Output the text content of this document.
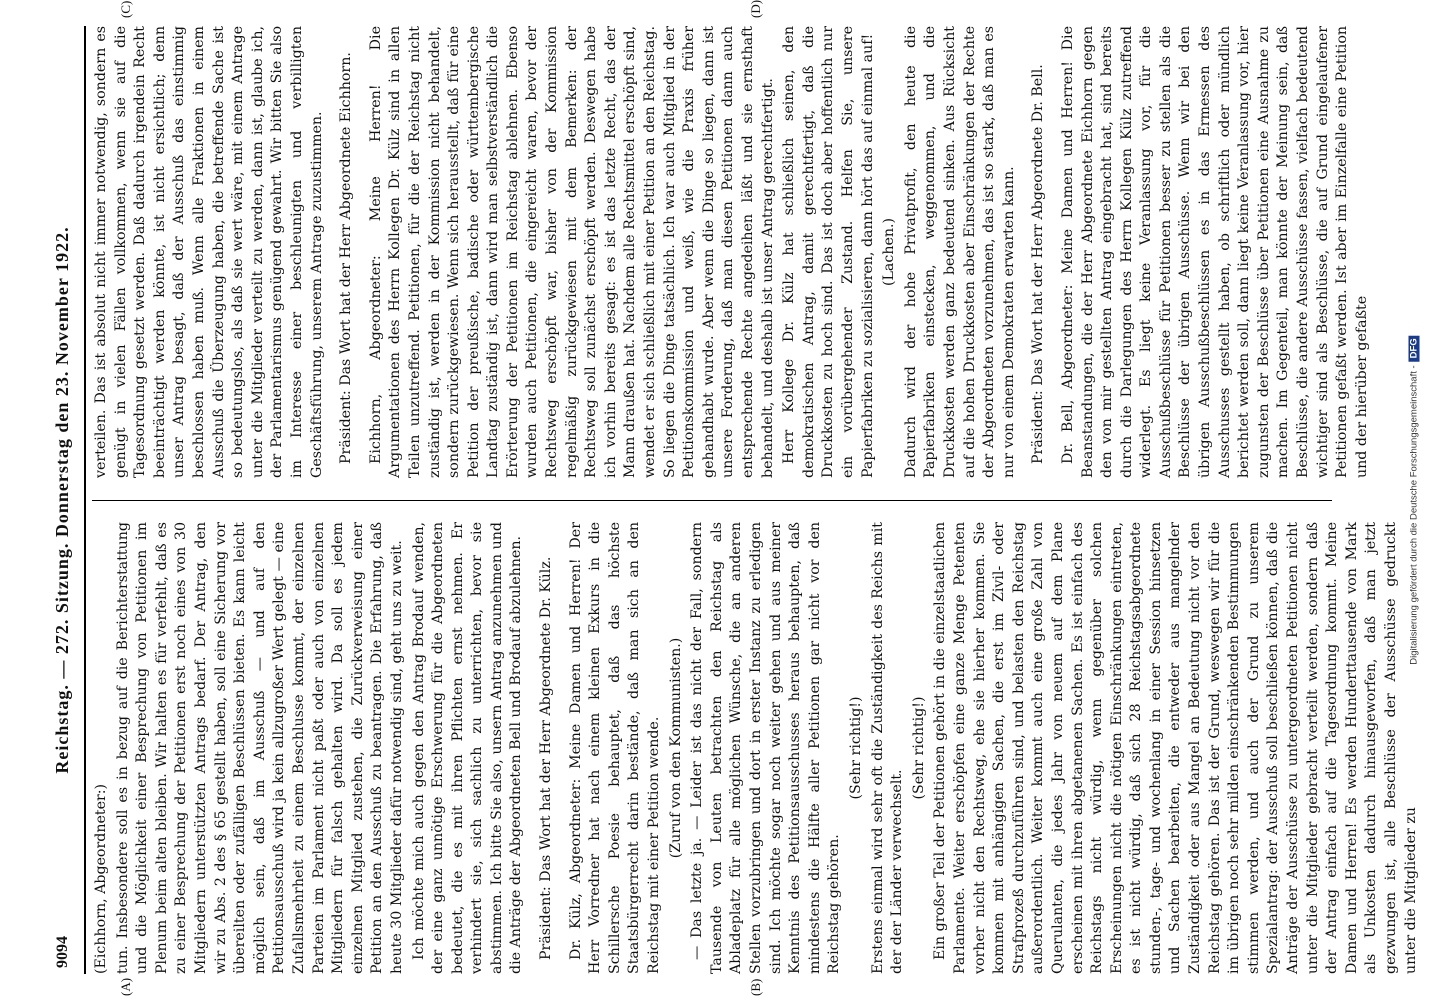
9094
Reichstag. — 272. Sitzung. Donnerstag den 23. November 1922.
(A)	(B)
(C)	(D)

(Eichhorn, Abgeordneter:) tun. Insbesondere soll es in bezug auf die Berichterstattung und die Möglichkeit einer Besprechung von Petitionen im Plenum beim alten bleiben. Wir halten es für verfehlt, daß es zu einer Besprechung der Petitionen erst noch eines von 30 Mitgliedern unterstützten Antrags bedarf. Der Antrag, den wir zu Abs. 2 des § 65 gestellt haben, soll eine Sicherung vor übereilten oder zufälligen Beschlüssen bieten. Es kann leicht möglich sein, daß im Ausschuß — und auf den Petitionsausschuß wird ja kein allzugroßer Wert gelegt — eine Zufallsmehrheit zu einem Beschlusse kommt, der einzelnen Parteien im Parlament nicht paßt oder auch von einzelnen Mitgliedern für falsch gehalten wird. Da soll es jedem einzelnen Mitglied zustehen, die Zurückverweisung einer Petition an den Ausschuß zu beantragen. Die Erfahrung, daß heute 30 Mitglieder dafür notwendig sind, geht uns zu weit. Ich möchte mich auch gegen den Antrag Brodauf wenden, der eine ganz unnötige Erschwerung für die Abgeordneten bedeutet, die es mit ihren Pflichten ernst nehmen. Er verhindert sie, sich sachlich zu unterrichten, bevor sie abstimmen. Ich bitte Sie also, unsern Antrag anzunehmen und die Anträge der Abgeordneten Bell und Brodauf abzulehnen. Präsident: Das Wort hat der Herr Abgeordnete Dr. Külz. Dr. Külz, Abgeordneter: Meine Damen und Herren! Der Herr Vorredner hat nach einem kleinen Exkurs in die Schillersche Poesie behauptet, daß das höchste Staatsbürgerrecht darin bestände, daß man sich an den Reichstag mit einer Petition wende. (Zuruf von den Kommunisten.) — Das letzte ja. — Leider ist das nicht der Fall, sondern Tausende von Leuten betrachten den Reichstag als Abladeplatz für alle möglichen Wünsche, die an anderen Stellen vorzubringen und dort in erster Instanz zu erledigen sind. Ich möchte sogar noch weiter gehen und aus meiner Kenntnis des Petitionsausschusses heraus behaupten, daß mindestens die Hälfte aller Petitionen gar nicht vor den Reichstag gehören.

(Sehr richtig!) Erstens einmal wird sehr oft die Zuständigkeit des Reichs mit der der Länder verwechselt.

(Sehr richtig!) Ein großer Teil der Petitionen gehört in die einzelstaatlichen Parlamente. Weiter erschöpfen eine ganze Menge Petenten vorher nicht den Rechtsweg, ehe sie hierher kommen. Sie kommen mit anhängigen Sachen, die erst im Zivil- oder Strafprozeß durchzuführen sind, und belasten den Reichstag außerordentlich. Weiter kommt auch eine große Zahl von Querulanten, die jedes Jahr von neuem auf dem Plane erscheinen mit ihren abgetanenen Sachen. Es ist einfach des Reichstags nicht würdig, wenn gegenüber solchen Erscheinungen nicht die nötigen Einschränkungen eintreten, es ist nicht würdig, daß sich 28 Reichstagsabgeordnete stunden-, tage- und wochenlang in einer Session hinsetzen und Sachen bearbeiten, die entweder aus mangelnder Zuständigkeit oder aus Mangel an Bedeutung nicht vor den Reichstag gehören. Das ist der Grund, weswegen wir für die im übrigen noch sehr milden einschränkenden Bestimmungen stimmen werden, und auch der Grund zu unserem Spezialantrag: der Ausschuß soll beschließen können, daß die Anträge der Ausschüsse zu untergeordneten Petitionen nicht unter die Mitglieder gebracht verteilt werden, sondern daß der Antrag einfach auf die Tagesordnung kommt. Meine Damen und Herren! Es werden Hunderttausende von Mark als Unkosten dadurch hinausgeworfen, daß man jetzt gezwungen ist, alle Beschlüsse der Ausschüsse gedruckt unter die Mitglieder zu

verteilen. Das ist absolut nicht immer notwendig, sondern es genügt in vielen Fällen vollkommen, wenn sie auf die Tagesordnung gesetzt werden. Daß dadurch irgendein Recht beeinträchtigt werden könnte, ist nicht ersichtlich; denn unser Antrag besagt, daß der Ausschuß das einstimmig beschlossen haben muß. Wenn alle Fraktionen in einem Ausschuß die Überzeugung haben, die betreffende Sache ist so bedeutungslos, als daß sie wert wäre, mit einem Antrage unter die Mitglieder verteilt zu werden, dann ist, glaube ich, der Parlamentarismus genügend gewahrt. Wir bitten Sie also im Interesse einer beschleunigten und verbilligten Geschäftsführung, unserem Antrage zuzustimmen. Präsident: Das Wort hat der Herr Abgeordnete Eichhorn. Eichhorn, Abgeordneter: Meine Herren! Die Argumentationen des Herrn Kollegen Dr. Külz sind in allen Teilen unzutreffend. Petitionen, für die der Reichstag nicht zuständig ist, werden in der Kommission nicht behandelt, sondern zurückgewiesen. Wenn sich herausstellt, daß für eine Petition der preußische, badische oder württembergische Landtag zuständig ist, dann wird man selbstverständlich die Erörterung der Petitionen im Reichstag ablehnen. Ebenso wurden auch Petitionen, die eingereicht waren, bevor der Rechtsweg erschöpft war, bisher von der Kommission regelmäßig zurückgewiesen mit dem Bemerken: der Rechtsweg soll zunächst erschöpft werden. Deswegen habe ich vorhin bereits gesagt: es ist das letzte Recht, das der Mann draußen hat. Nachdem alle Rechtsmittel erschöpft sind, wendet er sich schließlich mit einer Petition an den Reichstag. So liegen die Dinge tatsächlich. Ich war auch Mitglied in der Petitionskommission und weiß, wie die Praxis früher gehandhabt wurde. Aber wenn die Dinge so liegen, dann ist unsere Forderung, daß man diesen Petitionen dann auch entsprechende Rechte angedeihen läßt und sie ernsthaft behandelt, und deshalb ist unser Antrag gerechtfertigt. Herr Kollege Dr. Külz hat schließlich seinen, den demokratischen Antrag, damit gerechtfertigt, daß die Druckkosten zu hoch sind. Das ist doch aber hoffentlich nur ein vorübergehender Zustand. Helfen Sie, unsere Papierfabriken zu sozialisieren, dann hört das auf einmal auf! (Lachen.) Dadurch wird der hohe Privatprofit, den heute die Papierfabriken einstecken, weggenommen, und die Druckkosten werden ganz bedeutend sinken. Aus Rücksicht auf die hohen Druckkosten aber Einschränkungen der Rechte der Abgeordneten vorzunehmen, das ist so stark, daß man es nur von einem Demokraten erwarten kann. Präsident: Das Wort hat der Herr Abgeordnete Dr. Bell. Dr. Bell, Abgeordneter: Meine Damen und Herren! Die Beanstandungen, die der Herr Abgeordnete Eichhorn gegen den von mir gestellten Antrag eingebracht hat, sind bereits durch die Darlegungen des Herrn Kollegen Külz zutreffend widerlegt. Es liegt keine Veranlassung vor, für die Ausschußbeschlüsse für Petitionen besser zu stellen als die Beschlüsse der übrigen Ausschüsse. Wenn wir bei den übrigen Ausschußbeschlüssen es in das Ermessen des Ausschusses gestellt haben, ob schriftlich oder mündlich berichtet werden soll, dann liegt keine Veranlassung vor, hier zugunsten der Beschlüsse über Petitionen eine Ausnahme zu machen. Im Gegenteil, man könnte der Meinung sein, daß Beschlüsse, die andere Ausschüsse fassen, vielfach bedeutend wichtiger sind als Beschlüsse, die auf Grund eingelaufener Petitionen gefaßt werden. Ist aber im Einzelfalle eine Petition und der hierüber gefaßte	Digitalisierung gefördert durch die Deutsche Forschungsgemeinschaft -DFG
